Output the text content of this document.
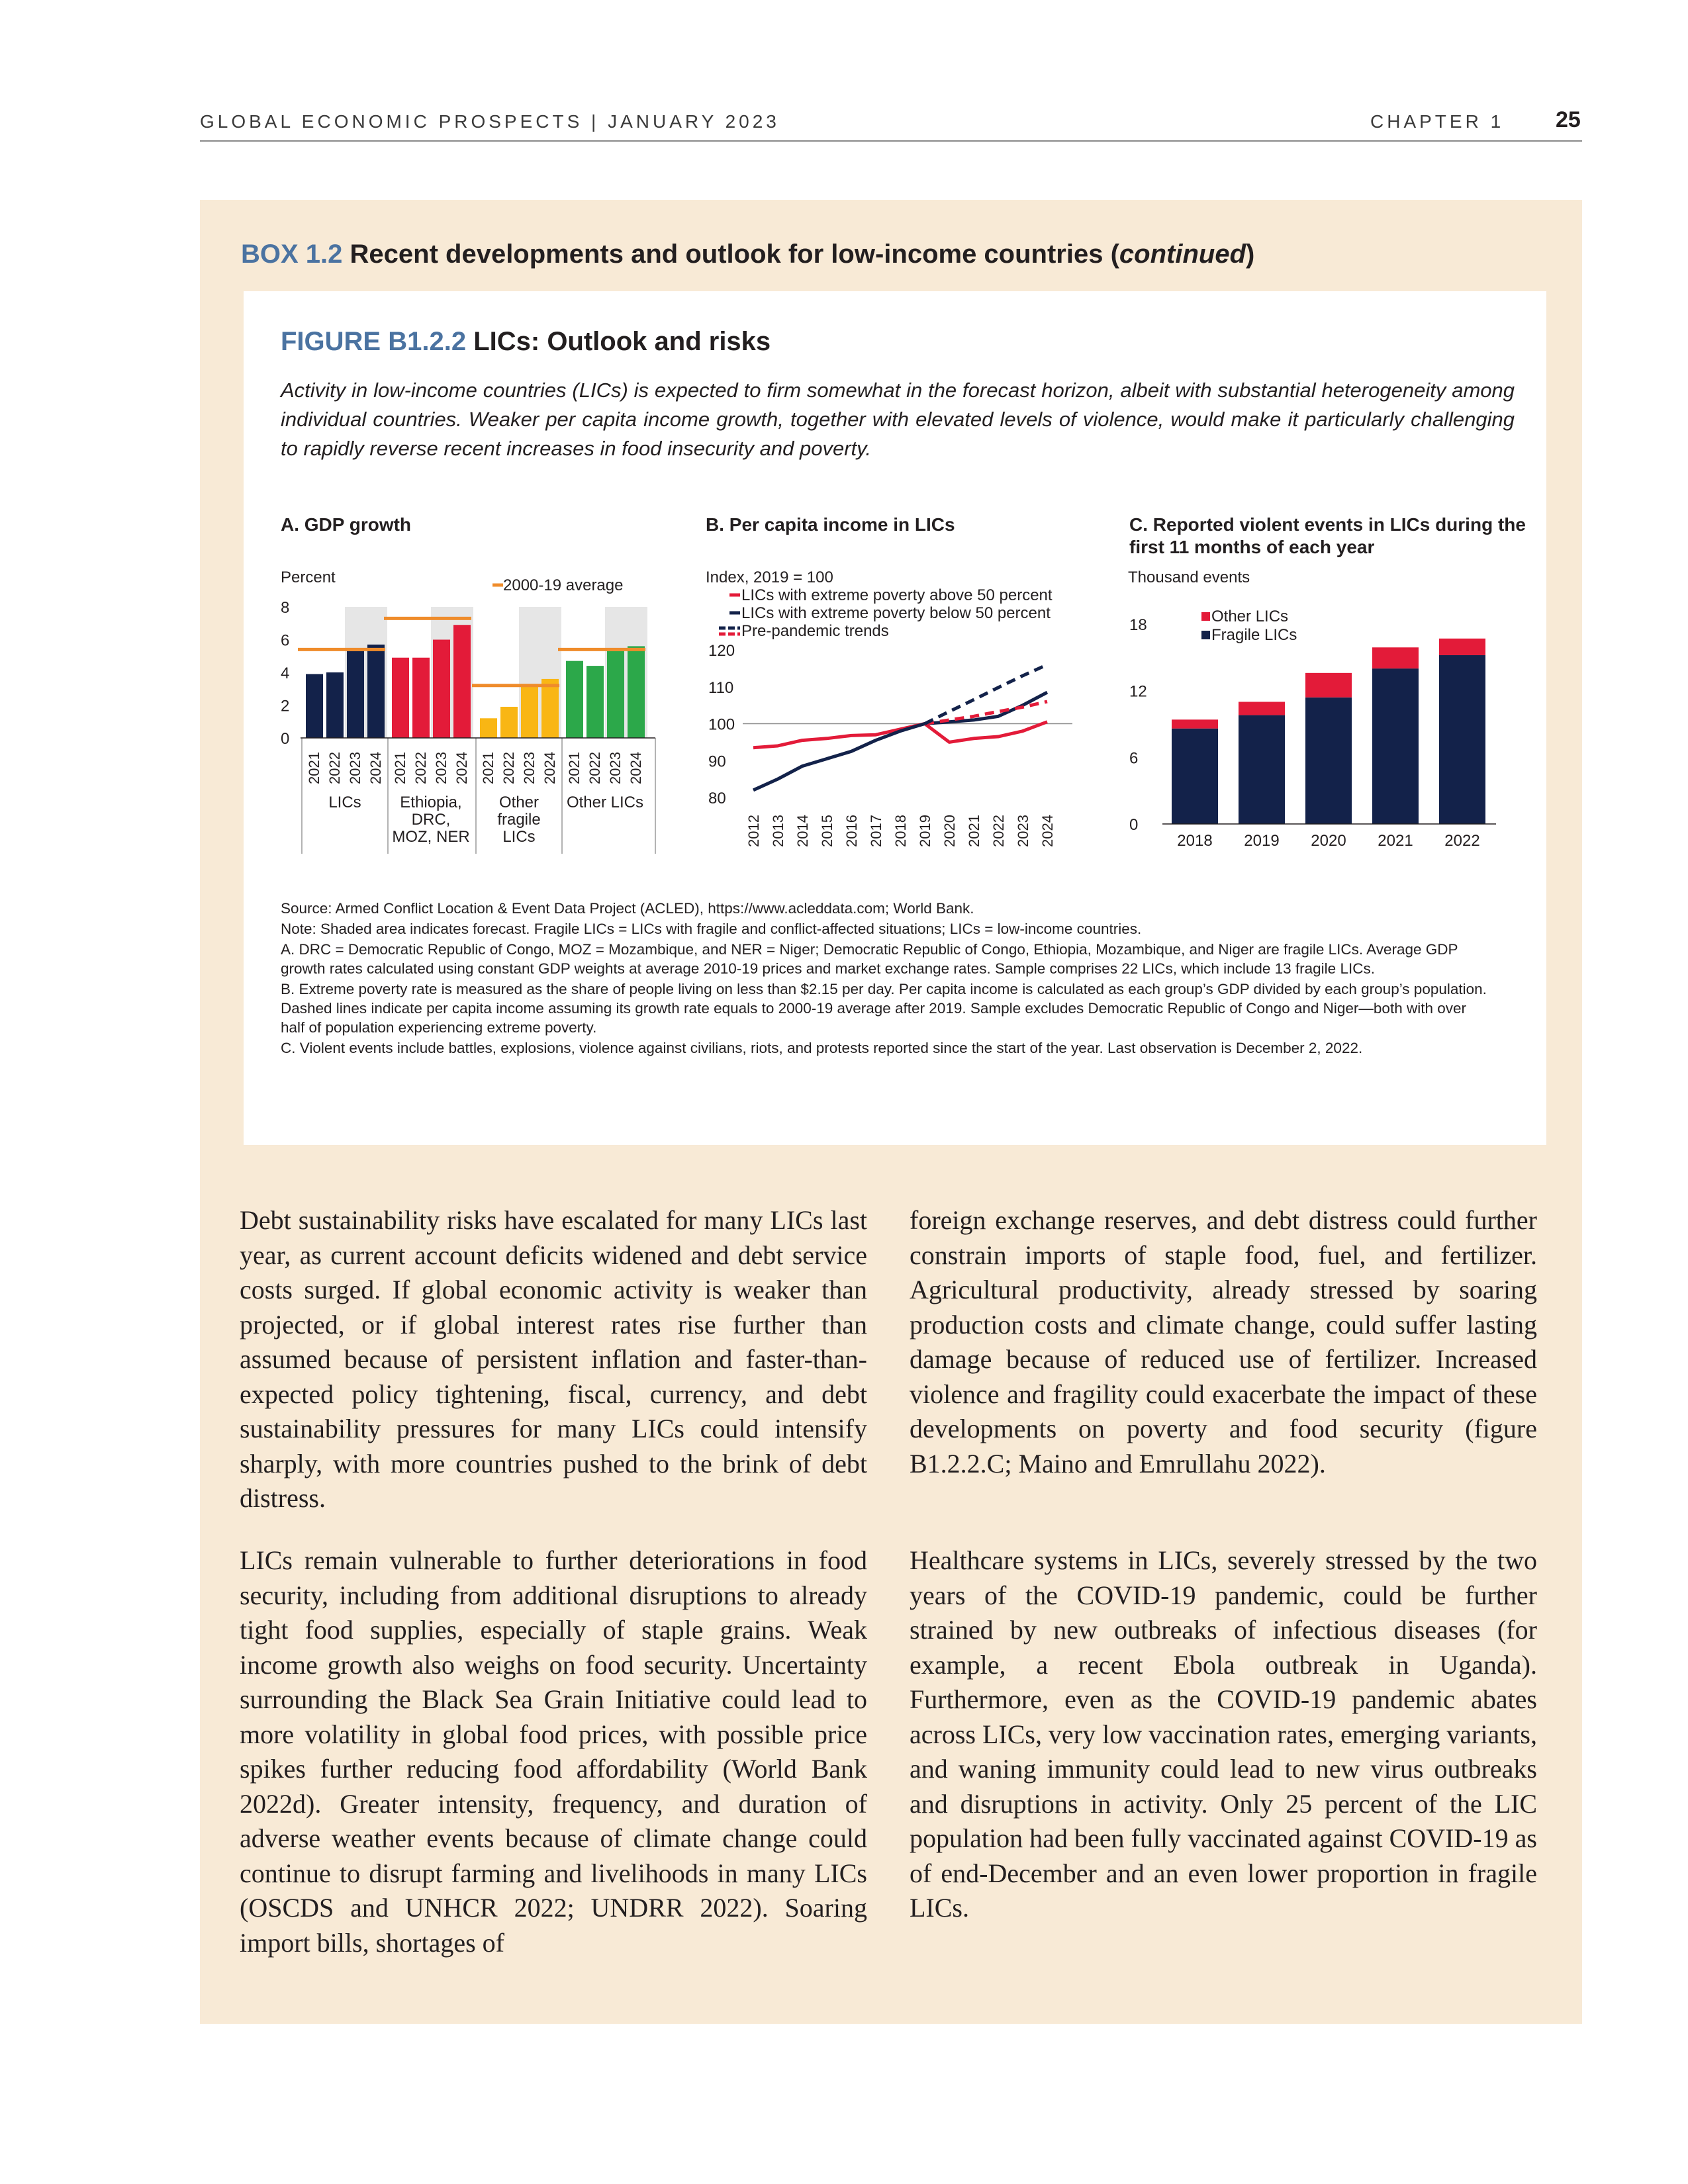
GLOBAL ECONOMIC PROSPECTS | JANUARY 2023	CHAPTER 1 25
BOX 1.2 Recent developments and outlook for low-income countries (continued)
FIGURE B1.2.2 LICs: Outlook and risks
Activity in low-income countries (LICs) is expected to firm somewhat in the forecast horizon, albeit with substantial heterogeneity among individual countries. Weaker per capita income growth, together with elevated levels of violence, would make it particularly challenging to rapidly reverse recent increases in food insecurity and poverty.
A. GDP growth	B. Per capita income in LICs	C. Reported violent events in LICs during the first 11 months of each year
Percent
0
2
4
6
8
2000-19 average
2021 2022 2023 2024
LICs
2021 2022 2023 2024
Ethiopia,
DRC,
MOZ, NER
2021 2022 2023 2024
Other
fragile
LICs
2021 2022 2023 2024
Other LICs
Index, 2019 = 100
LICs with extreme poverty above 50 percent
LICs with extreme poverty below 50 percent
Pre-pandemic trends
80
90
100
110
120
2012 2013 2014 2015 2016 2017 2018 2019 2020 2021 2022 2023 2024
Thousand events
0
6
12
18	Other LICs
Fragile LICs
2018 2019 2020 2021 2022

Source: Armed Conflict Location & Event Data Project (ACLED), https://www.acleddata.com; World Bank.

Note: Shaded area indicates forecast. Fragile LICs = LICs with fragile and conflict-affected situations; LICs = low-income countries.

A. DRC = Democratic Republic of Congo, MOZ = Mozambique, and NER = Niger; Democratic Republic of Congo, Ethiopia, Mozambique, and Niger are fragile LICs. Average GDP growth rates calculated using constant GDP weights at average 2010-19 prices and market exchange rates. Sample comprises 22 LICs, which include 13 fragile LICs.

B. Extreme poverty rate is measured as the share of people living on less than $2.15 per day. Per capita income is calculated as each group’s GDP divided by each group’s population. Dashed lines indicate per capita income assuming its growth rate equals to 2000-19 average after 2019. Sample excludes Democratic Republic of Congo and Niger—both with over half of population experiencing extreme poverty.

C. Violent events include battles, explosions, violence against civilians, riots, and protests reported since the start of the year. Last observation is December 2, 2022.

Debt sustainability risks have escalated for many LICs last year, as current account deficits widened and debt service costs surged. If global economic activity is weaker than projected, or if global interest rates rise further than assumed because of persistent inflation and faster-than-expected policy tightening, fiscal, currency, and debt sustainability pressures for many LICs could intensify sharply, with more countries pushed to the brink of debt distress.
LICs remain vulnerable to further deteriorations in food security, including from additional disruptions to already tight food supplies, especially of staple grains. Weak income growth also weighs on food security. Uncertainty surrounding the Black Sea Grain Initiative could lead to more volatility in global food prices, with possible price spikes further reducing food affordability (World Bank 2022d). Greater intensity, frequency, and duration of adverse weather events because of climate change could continue to disrupt farming and livelihoods in many LICs (OSCDS and UNHCR 2022; UNDRR 2022). Soaring import bills, shortages of
foreign exchange reserves, and debt distress could further constrain imports of staple food, fuel, and fertilizer. Agricultural productivity, already stressed by soaring production costs and climate change, could suffer lasting damage because of reduced use of fertilizer. Increased violence and fragility could exacerbate the impact of these developments on poverty and food security (figure B1.2.2.C; Maino and Emrullahu 2022).
Healthcare systems in LICs, severely stressed by the two years of the COVID-19 pandemic, could be further strained by new outbreaks of infectious diseases (for example, a recent Ebola outbreak in Uganda). Furthermore, even as the COVID-19 pandemic abates across LICs, very low vaccination rates, emerging variants, and waning immunity could lead to new virus outbreaks and disruptions in activity. Only 25 percent of the LIC population had been fully vaccinated against COVID-19 as of end-December and an even lower proportion in fragile LICs.
